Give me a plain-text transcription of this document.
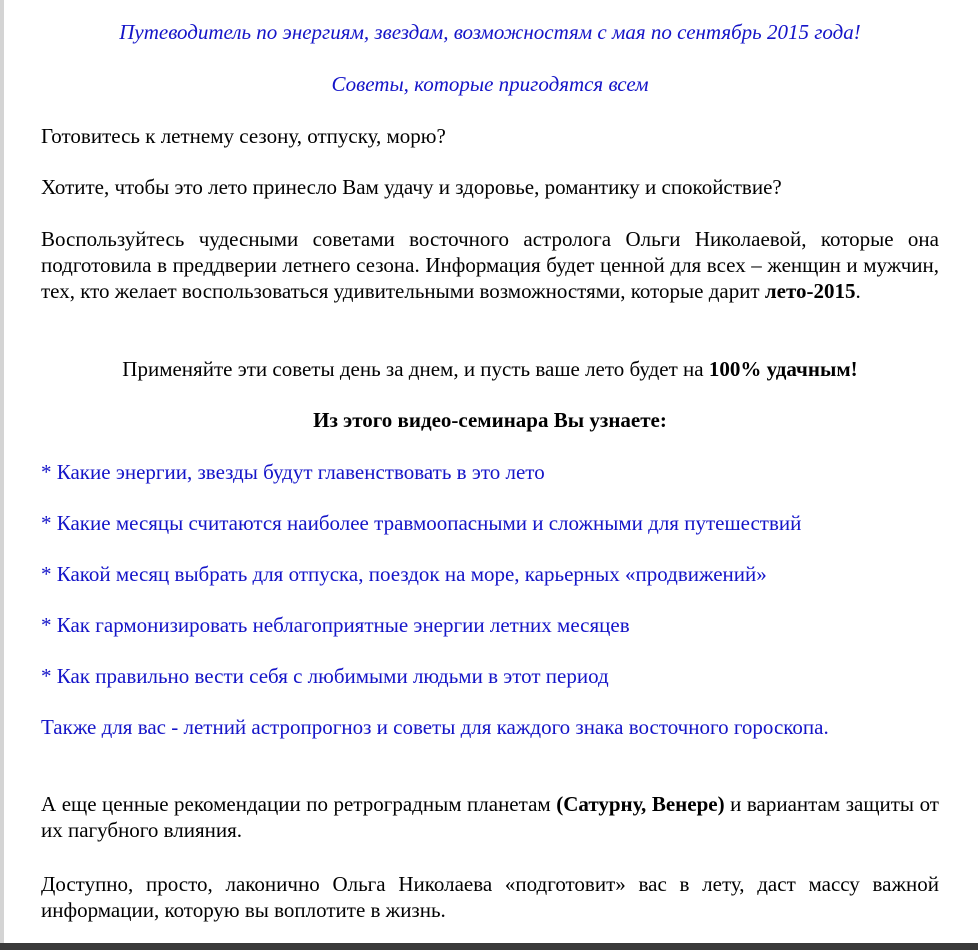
Путеводитель по энергиям, звездам, возможностям с мая по сентябрь 2015 года!

Советы, которые пригодятся всем

Готовитесь к летнему сезону, отпуску, морю?

Хотите, чтобы это лето принесло Вам удачу и здоровье, романтику и спокойствие?

Воспользуйтесь чудесными советами восточного астролога Ольги Николаевой, которые она подготовила в преддверии летнего сезона. Информация будет ценной для всех – женщин и мужчин, тех, кто желает воспользоваться удивительными возможностями, которые дарит лето-2015.

Применяйте эти советы день за днем, и пусть ваше лето будет на 100% удачным!

Из этого видео-семинара Вы узнаете:

* Какие энергии, звезды будут главенствовать в это лето

* Какие месяцы считаются наиболее травмоопасными и сложными для путешествий

* Какой месяц выбрать для отпуска, поездок на море, карьерных «продвижений»

* Как гармонизировать неблагоприятные энергии летних месяцев

* Как правильно вести себя с любимыми людьми в этот период

Также для вас - летний астропрогноз и советы для каждого знака восточного гороскопа.

А еще ценные рекомендации по ретроградным планетам (Сатурну, Венере) и вариантам защиты от их пагубного влияния.

Доступно, просто, лаконично Ольга Николаева «подготовит» вас в лету, даст массу важной информации, которую вы воплотите в жизнь.
